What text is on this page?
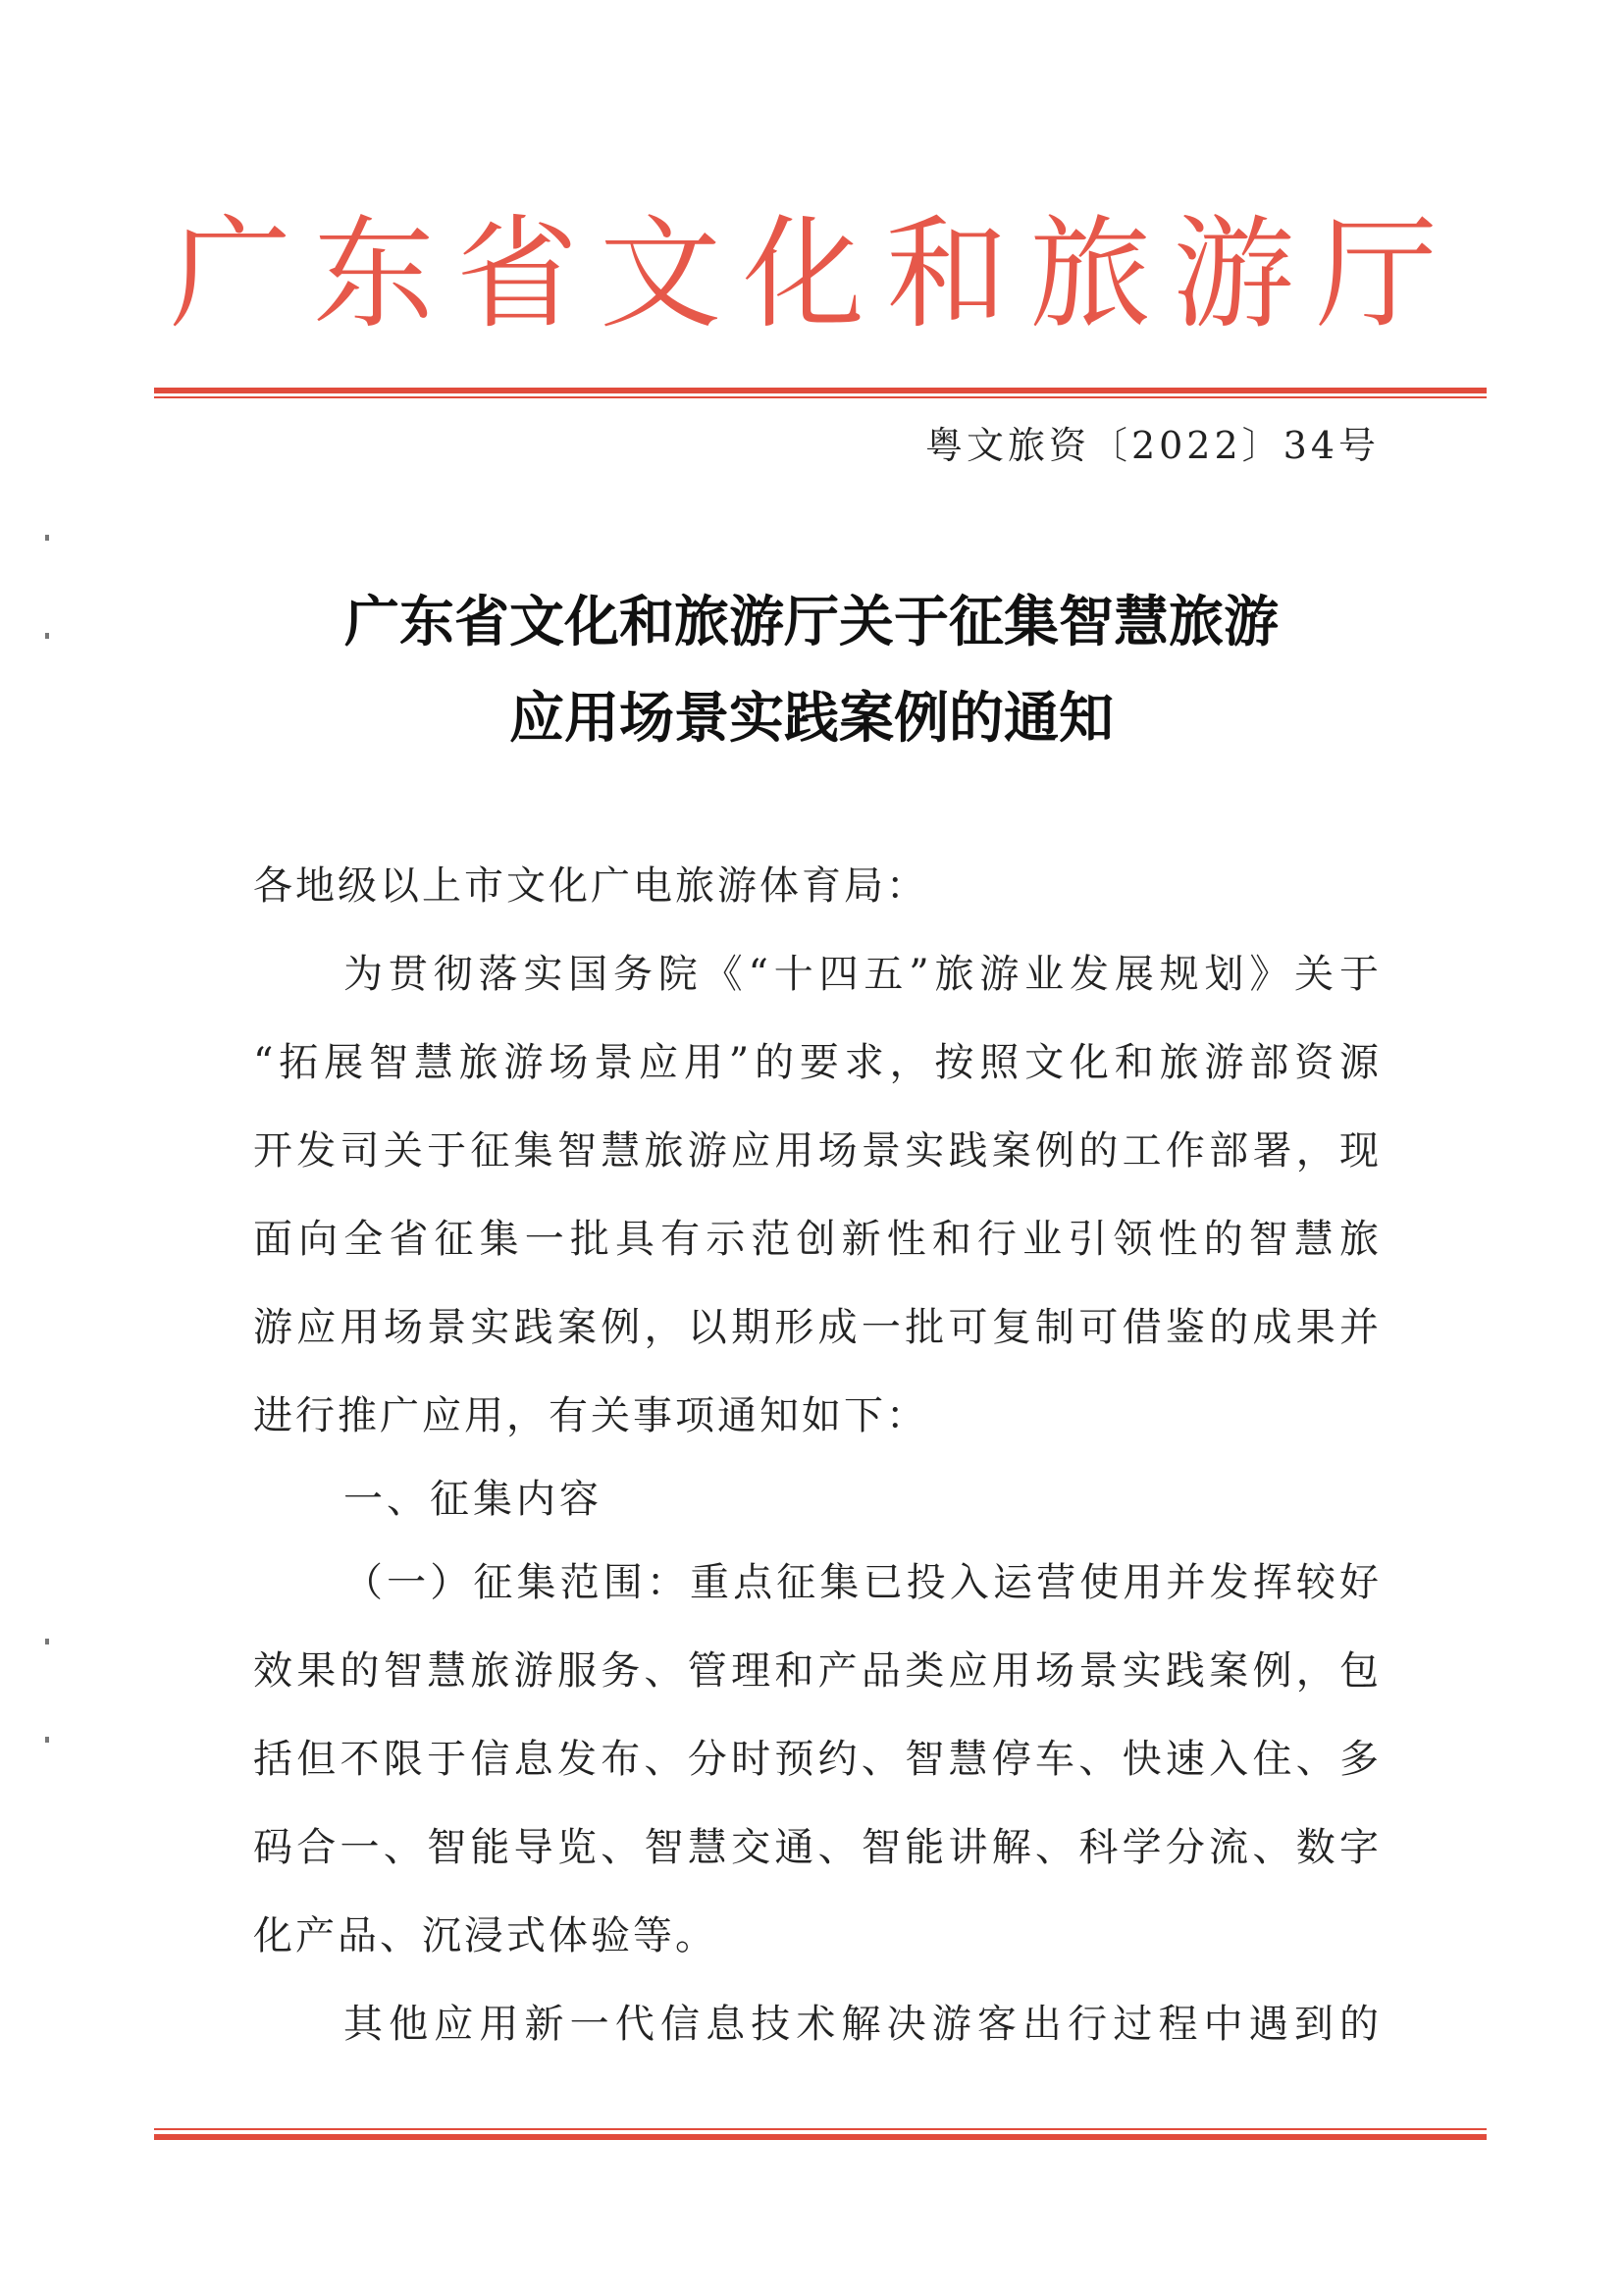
广东省文化和旅游厅
粤文旅资〔2022〕34号
广东省文化和旅游厅关于征集智慧旅游
应用场景实践案例的通知
各地级以上市文化广电旅游体育局：
为贯彻落实国务院《“十四五”旅游业发展规划》关于
“拓展智慧旅游场景应用”的要求，按照文化和旅游部资源
开发司关于征集智慧旅游应用场景实践案例的工作部署，现
面向全省征集一批具有示范创新性和行业引领性的智慧旅
游应用场景实践案例，以期形成一批可复制可借鉴的成果并
进行推广应用，有关事项通知如下：
一、征集内容
（一）征集范围：重点征集已投入运营使用并发挥较好
效果的智慧旅游服务、管理和产品类应用场景实践案例，包
括但不限于信息发布、分时预约、智慧停车、快速入住、多
码合一、智能导览、智慧交通、智能讲解、科学分流、数字
化产品、沉浸式体验等。
其他应用新一代信息技术解决游客出行过程中遇到的
